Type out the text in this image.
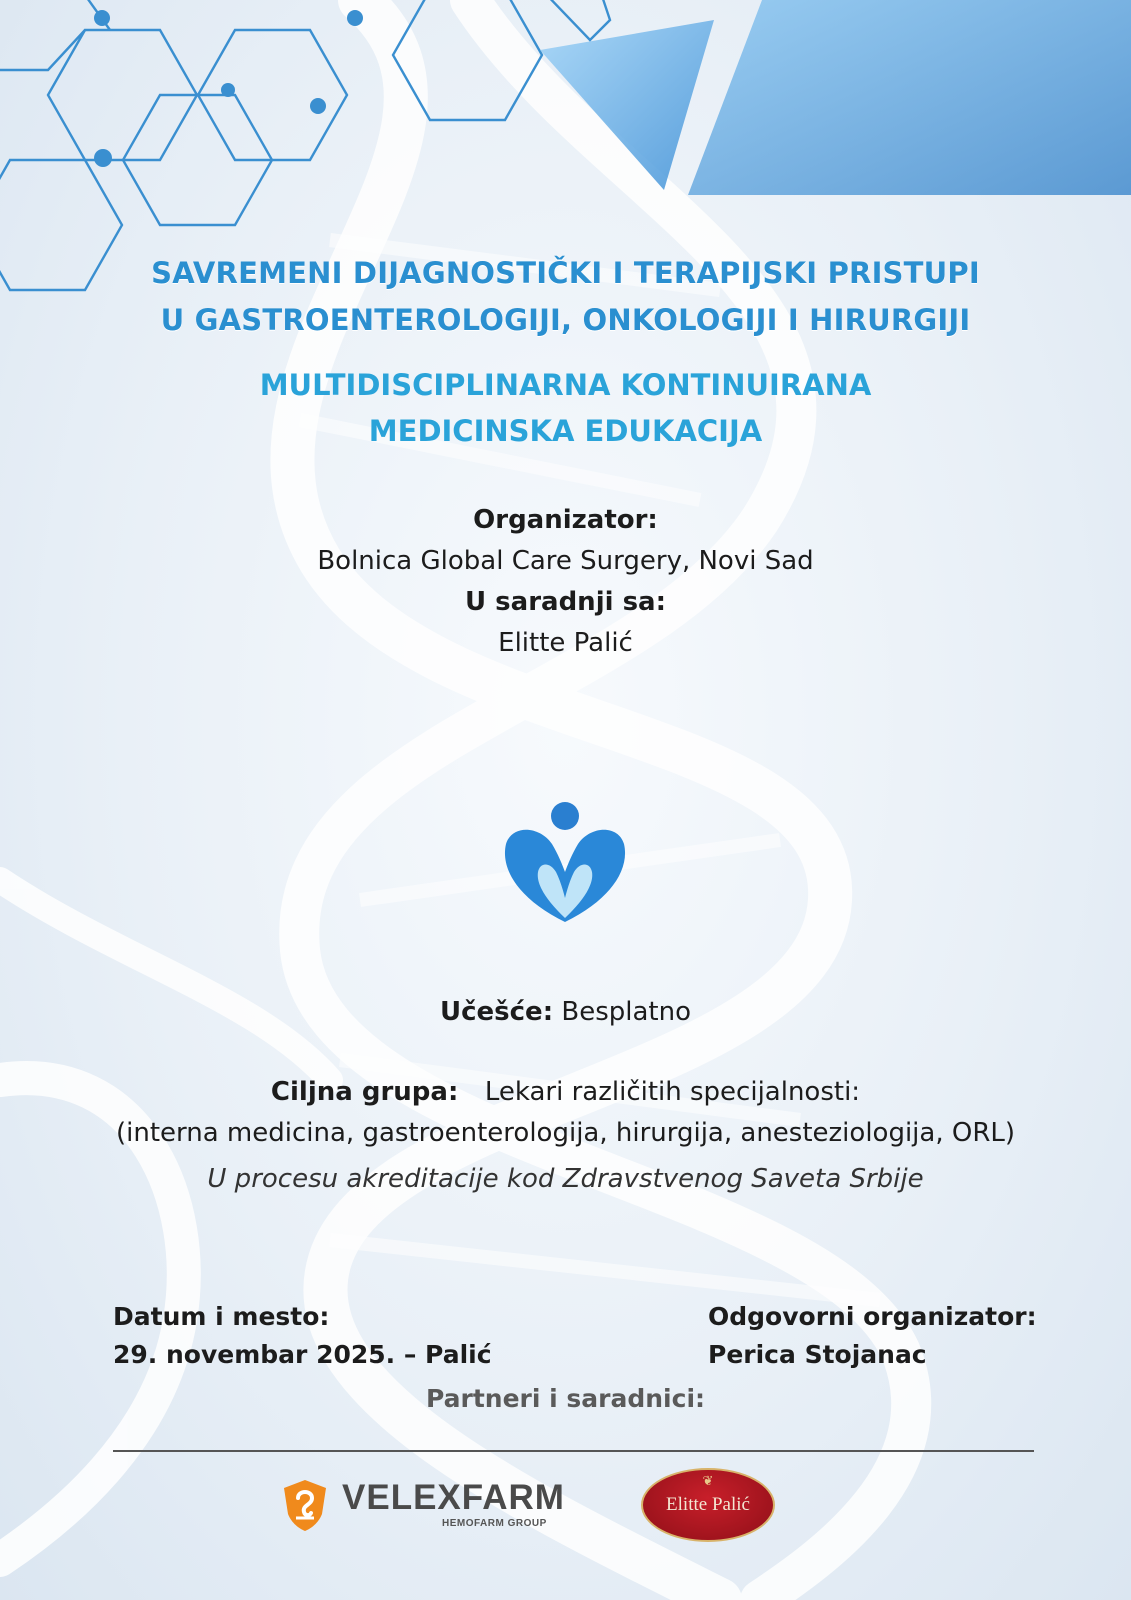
SAVREMENI DIJAGNOSTIČKI I TERAPIJSKI PRISTUPI
U GASTROENTEROLOGIJI, ONKOLOGIJI I HIRURGIJI
MULTIDISCIPLINARNA KONTINUIRANA
MEDICINSKA EDUKACIJA
Organizator:
Bolnica Global Care Surgery, Novi Sad
U saradnji sa:
Elitte Palić
Učešće: Besplatno
Ciljna grupa: Lekari različitih specijalnosti:
(interna medicina, gastroenterologija, hirurgija, anesteziologija, ORL)
U procesu akreditacije kod Zdravstvenog Saveta Srbije
Datum i mesto:
29. novembar 2025. – Palić
Odgovorni organizator:
Perica Stojanac
Partneri i saradnici:
VELEXFARM
HEMOFARM GROUP
❦
Elitte Palić
